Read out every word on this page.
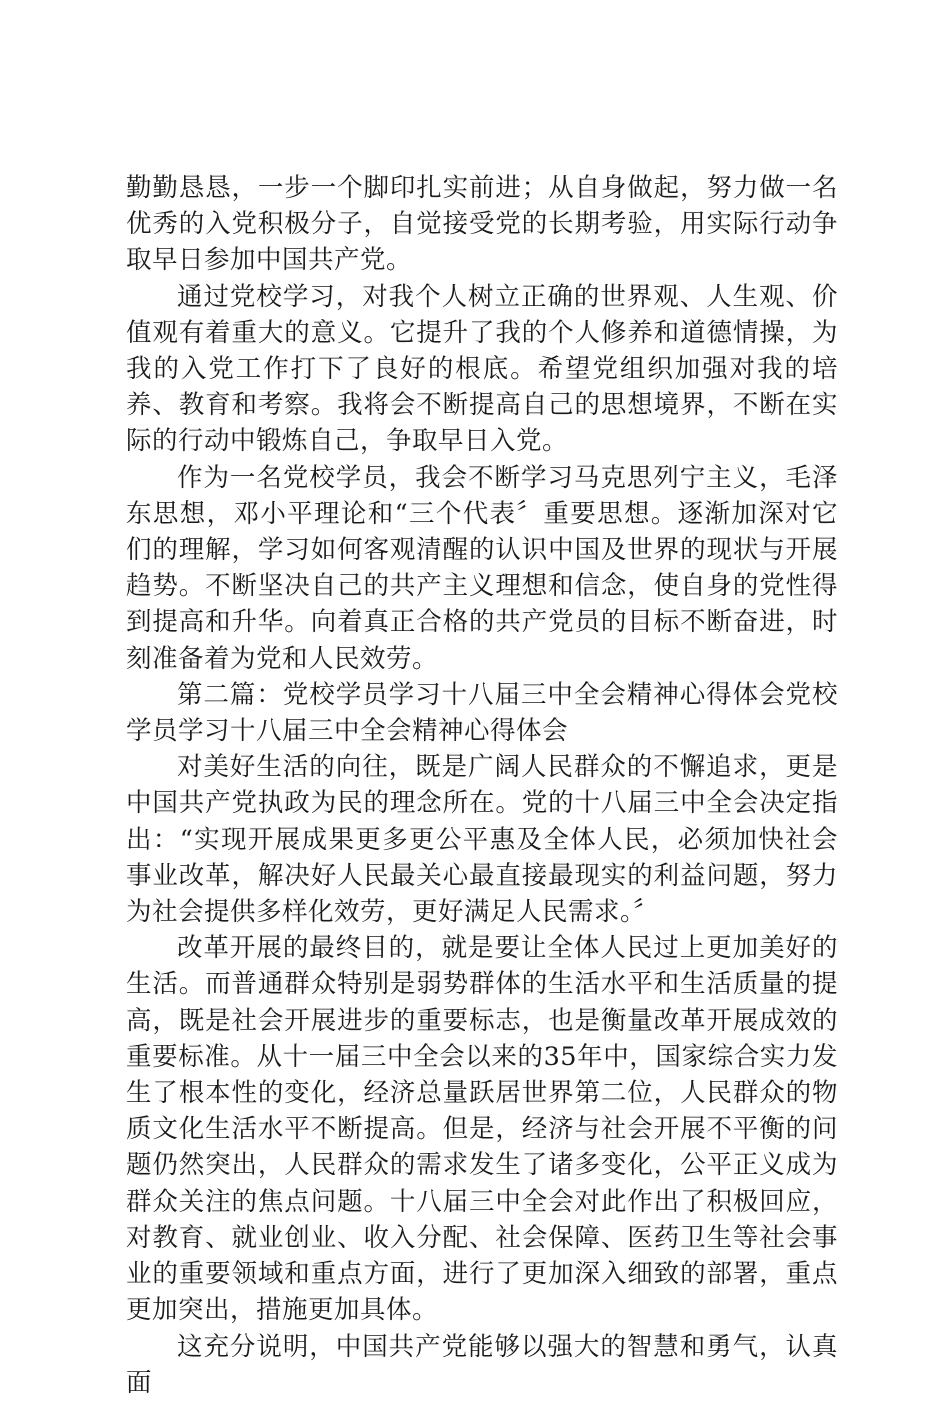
勤勤恳恳，一步一个脚印扎实前进；从自身做起，努力做一名优秀的入党积极分子，自觉接受党的长期考验，用实际行动争取早日参加中国共产党。

通过党校学习，对我个人树立正确的世界观、人生观、价值观有着重大的意义。它提升了我的个人修养和道德情操，为我的入党工作打下了良好的根底。希望党组织加强对我的培养、教育和考察。我将会不断提高自己的思想境界，不断在实际的行动中锻炼自己，争取早日入党。

作为一名党校学员，我会不断学习马克思列宁主义，毛泽东思想，邓小平理论和“三个代表〞重要思想。逐渐加深对它们的理解，学习如何客观清醒的认识中国及世界的现状与开展趋势。不断坚决自己的共产主义理想和信念，使自身的党性得到提高和升华。向着真正合格的共产党员的目标不断奋进，时刻准备着为党和人民效劳。

第二篇：党校学员学习十八届三中全会精神心得体会党校学员学习十八届三中全会精神心得体会

对美好生活的向往，既是广阔人民群众的不懈追求，更是中国共产党执政为民的理念所在。党的十八届三中全会决定指出：“实现开展成果更多更公平惠及全体人民，必须加快社会事业改革，解决好人民最关心最直接最现实的利益问题，努力为社会提供多样化效劳，更好满足人民需求。〞

改革开展的最终目的，就是要让全体人民过上更加美好的生活。而普通群众特别是弱势群体的生活水平和生活质量的提高，既是社会开展进步的重要标志，也是衡量改革开展成效的重要标准。从十一届三中全会以来的35年中，国家综合实力发生了根本性的变化，经济总量跃居世界第二位，人民群众的物质文化生活水平不断提高。但是，经济与社会开展不平衡的问题仍然突出，人民群众的需求发生了诸多变化，公平正义成为群众关注的焦点问题。十八届三中全会对此作出了积极回应，对教育、就业创业、收入分配、社会保障、医药卫生等社会事业的重要领域和重点方面，进行了更加深入细致的部署，重点更加突出，措施更加具体。

这充分说明，中国共产党能够以强大的智慧和勇气，认真面
